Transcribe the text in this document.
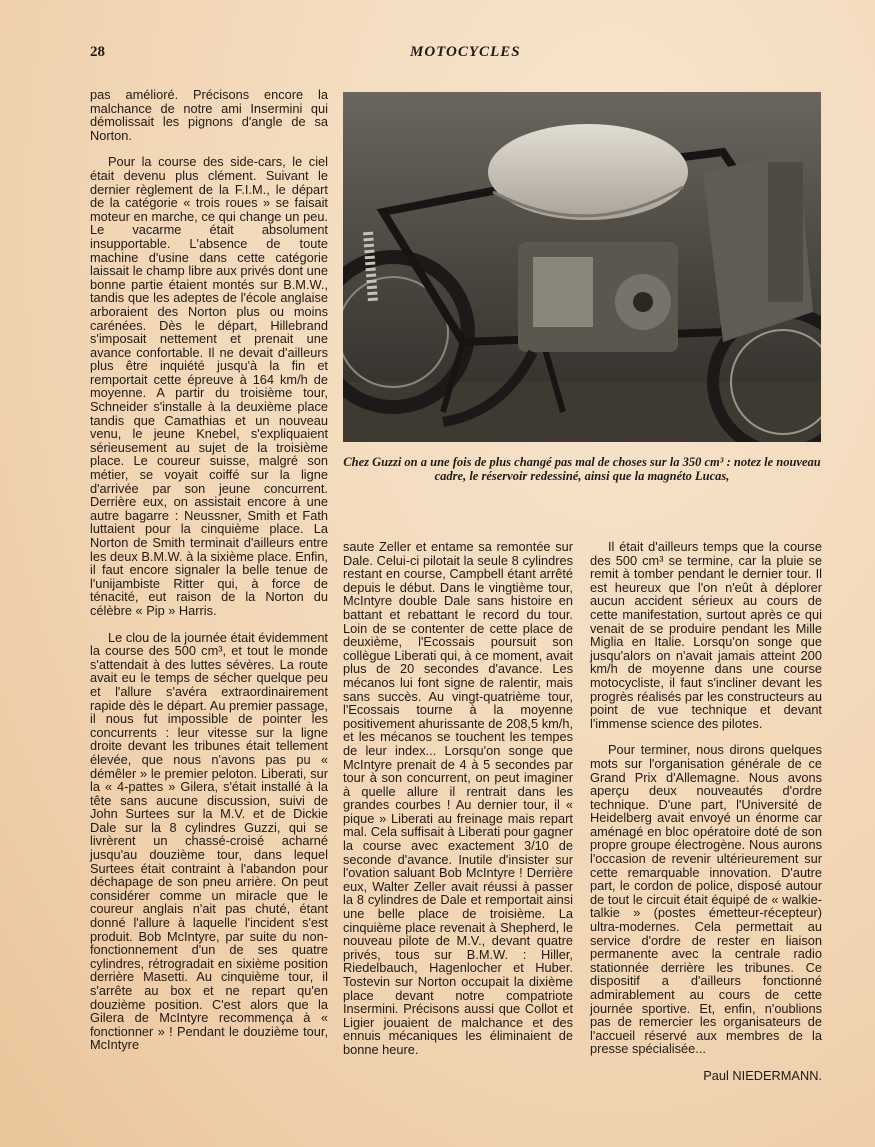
28	MOTOCYCLES
Chez Guzzi on a une fois de plus changé pas mal de choses sur la 350 cm³ : notez le nouveau cadre, le réservoir redessiné, ainsi que la magnéto Lucas,

pas amélioré. Précisons encore la malchance de notre ami Insermini qui démolissait les pignons d'angle de sa Norton.

Pour la course des side-cars, le ciel était devenu plus clément. Suivant le dernier règlement de la F.I.M., le départ de la catégorie « trois roues » se faisait moteur en marche, ce qui change un peu. Le vacarme était absolument insupportable. L'absence de toute machine d'usine dans cette catégorie laissait le champ libre aux privés dont une bonne partie étaient montés sur B.M.W., tandis que les adeptes de l'école anglaise arboraient des Norton plus ou moins carénées. Dès le départ, Hillebrand s'imposait nettement et prenait une avance confortable. Il ne devait d'ailleurs plus être inquiété jusqu'à la fin et remportait cette épreuve à 164 km/h de moyenne. A partir du troisième tour, Schneider s'installe à la deuxième place tandis que Camathias et un nouveau venu, le jeune Knebel, s'expliquaient sérieusement au sujet de la troisième place. Le coureur suisse, malgré son métier, se voyait coiffé sur la ligne d'arrivée par son jeune concurrent. Derrière eux, on assistait encore à une autre bagarre : Neussner, Smith et Fath luttaient pour la cinquième place. La Norton de Smith terminait d'ailleurs entre les deux B.M.W. à la sixième place. Enfin, il faut encore signaler la belle tenue de l'unijambiste Ritter qui, à force de ténacité, eut raison de la Norton du célèbre « Pip » Harris.

Le clou de la journée était évidemment la course des 500 cm³, et tout le monde s'attendait à des luttes sévères. La route avait eu le temps de sécher quelque peu et l'allure s'avéra extraordinairement rapide dès le départ. Au premier passage, il nous fut impossible de pointer les concurrents : leur vitesse sur la ligne droite devant les tribunes était tellement élevée, que nous n'avons pas pu « démêler » le premier peloton. Liberati, sur la « 4-pattes » Gilera, s'était installé à la tête sans aucune discussion, suivi de John Surtees sur la M.V. et de Dickie Dale sur la 8 cylindres Guzzi, qui se livrèrent un chassé-croisé acharné jusqu'au douzième tour, dans lequel Surtees était contraint à l'abandon pour déchapage de son pneu arrière. On peut considérer comme un miracle que le coureur anglais n'ait pas chuté, étant donné l'allure à laquelle l'incident s'est produit. Bob McIntyre, par suite du non-fonctionnement d'un de ses quatre cylindres, rétrogradait en sixième position derrière Masetti. Au cinquième tour, il s'arrête au box et ne repart qu'en douzième position. C'est alors que la Gilera de McIntyre recommença à « fonctionner » ! Pendant le douzième tour, McIntyre

saute Zeller et entame sa remontée sur Dale. Celui-ci pilotait la seule 8 cylindres restant en course, Campbell étant arrêté depuis le début. Dans le vingtième tour, McIntyre double Dale sans histoire en battant et rebattant le record du tour. Loin de se contenter de cette place de deuxième, l'Ecossais poursuit son collègue Liberati qui, à ce moment, avait plus de 20 secondes d'avance. Les mécanos lui font signe de ralentir, mais sans succès. Au vingt-quatrième tour, l'Ecossais tourne à la moyenne positivement ahurissante de 208,5 km/h, et les mécanos se touchent les tempes de leur index... Lorsqu'on songe que McIntyre prenait de 4 à 5 secondes par tour à son concurrent, on peut imaginer à quelle allure il rentrait dans les grandes courbes ! Au dernier tour, il « pique » Liberati au freinage mais repart mal. Cela suffisait à Liberati pour gagner la course avec exactement 3/10 de seconde d'avance. Inutile d'insister sur l'ovation saluant Bob McIntyre ! Derrière eux, Walter Zeller avait réussi à passer la 8 cylindres de Dale et remportait ainsi une belle place de troisième. La cinquième place revenait à Shepherd, le nouveau pilote de M.V., devant quatre privés, tous sur B.M.W. : Hiller, Riedelbauch, Hagenlocher et Huber. Tostevin sur Norton occupait la dixième place devant notre compatriote Insermini. Précisons aussi que Collot et Ligier jouaient de malchance et des ennuis mécaniques les éliminaient de bonne heure.

Il était d'ailleurs temps que la course des 500 cm³ se termine, car la pluie se remit à tomber pendant le dernier tour. Il est heureux que l'on n'eût à déplorer aucun accident sérieux au cours de cette manifestation, surtout après ce qui venait de se produire pendant les Mille Miglia en Italie. Lorsqu'on songe que jusqu'alors on n'avait jamais atteint 200 km/h de moyenne dans une course motocycliste, il faut s'incliner devant les progrès réalisés par les constructeurs au point de vue technique et devant l'immense science des pilotes.

Pour terminer, nous dirons quelques mots sur l'organisation générale de ce Grand Prix d'Allemagne. Nous avons aperçu deux nouveautés d'ordre technique. D'une part, l'Université de Heidelberg avait envoyé un énorme car aménagé en bloc opératoire doté de son propre groupe électrogène. Nous aurons l'occasion de revenir ultérieurement sur cette remarquable innovation. D'autre part, le cordon de police, disposé autour de tout le circuit était équipé de « walkie-talkie » (postes émetteur-récepteur) ultra-modernes. Cela permettait au service d'ordre de rester en liaison permanente avec la centrale radio stationnée derrière les tribunes. Ce dispositif a d'ailleurs fonctionné admirablement au cours de cette journée sportive. Et, enfin, n'oublions pas de remercier les organisateurs de l'accueil réservé aux membres de la presse spécialisée...

Paul NIEDERMANN.
